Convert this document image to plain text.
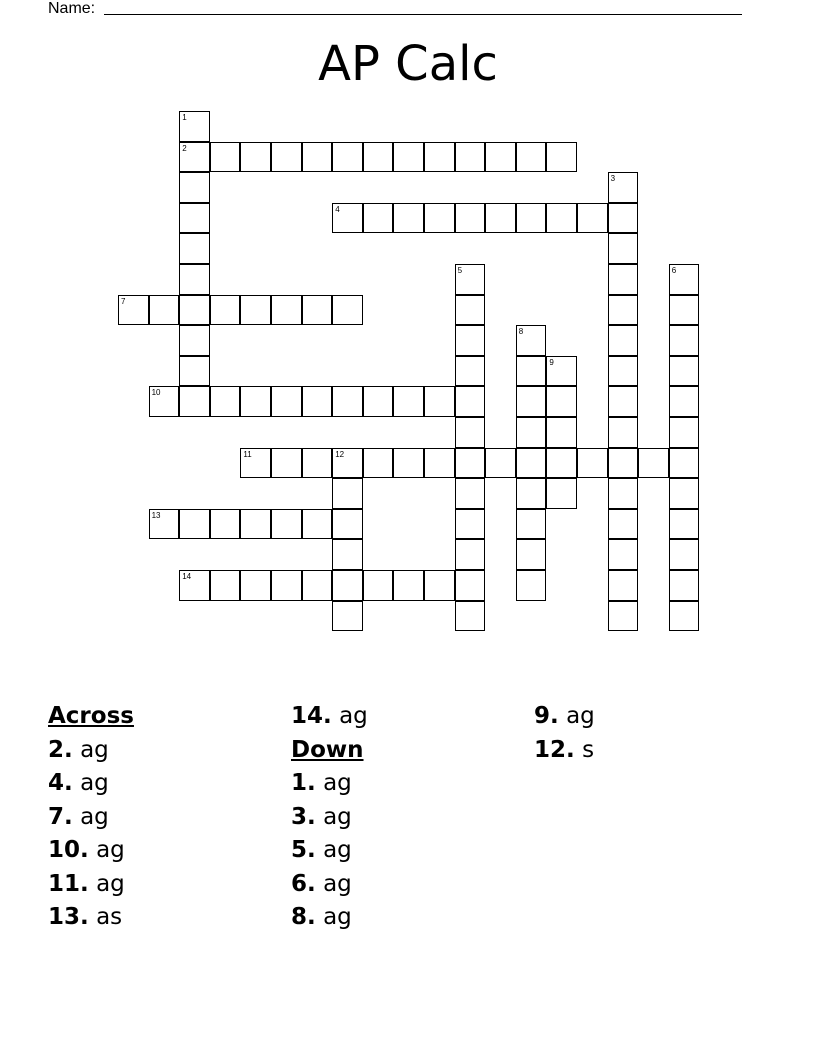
Name:
AP Calc
1
2
3
4
5	6
7
8
9
10
11	12
13
14
Across
2. ag
4. ag
7. ag
10. ag
11. ag
13. as
14. ag
Down
1. ag
3. ag
5. ag
6. ag
8. ag
9. ag
12. s
